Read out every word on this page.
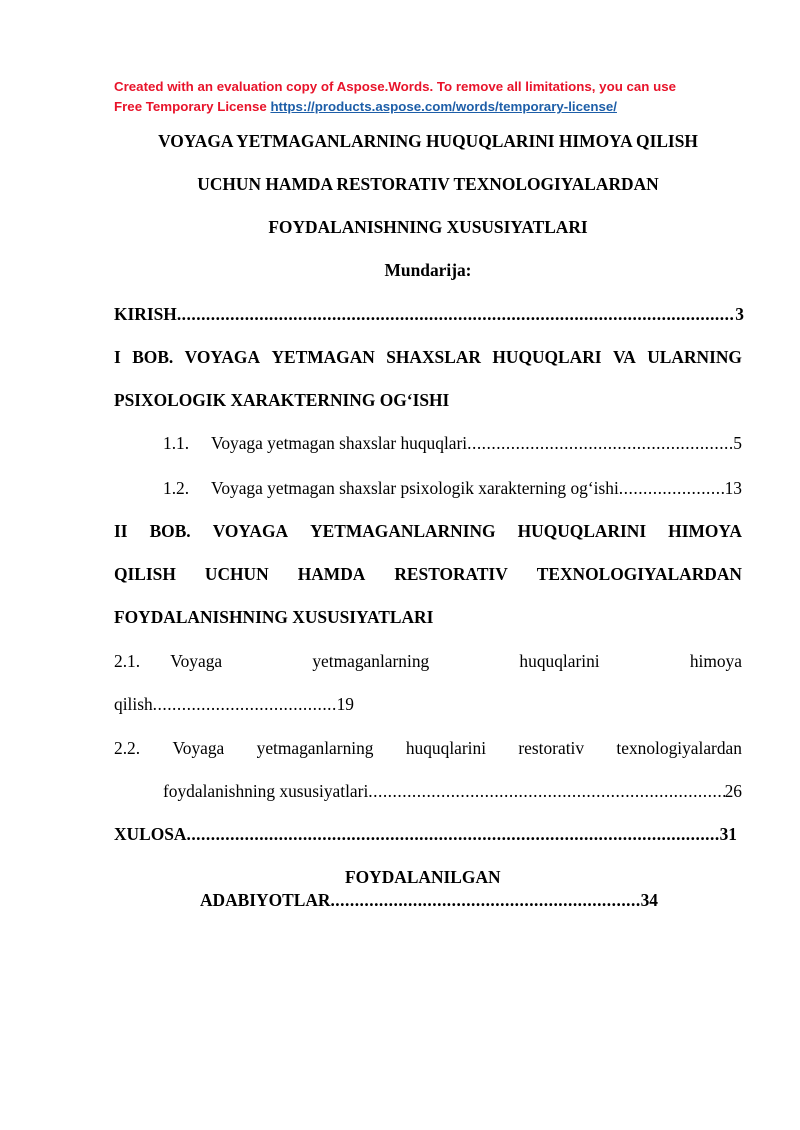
Created with an evaluation copy of Aspose.Words. To remove all limitations, you can use
Free Temporary License https://products.aspose.com/words/temporary-license/
VOYAGA YETMAGANLARNING HUQUQLARINI HIMOYA QILISH
UCHUN HAMDA RESTORATIV TEXNOLOGIYALARDAN
FOYDALANISHNING XUSUSIYATLARI
Mundarija:
KIRISH .....	3
I BOB. VOYAGA YETMAGAN SHAXSLAR HUQUQLARI VA ULARNING
PSIXOLOGIK XARAKTERNING OG‘ISHI
1.1.	Voyaga yetmagan shaxslar huquqlari .....	5
1.2.	Voyaga yetmagan shaxslar psixologik xarakterning og‘ishi .....	13
II BOB. VOYAGA YETMAGANLARNING HUQUQLARINI HIMOYA
QILISH UCHUN HAMDA RESTORATIV TEXNOLOGIYALARDAN
FOYDALANISHNING XUSUSIYATLARI
2.1. Voyaga	yetmaganlarning	huquqlarini	himoya
qilish .....	19
2.2. Voyaga yetmaganlarning huquqlarini restorativ texnologiyalardan
foydalanishning xususiyatlari .....	26
XULOSA .....	31
FOYDALANILGAN
ADABIYOTLAR .....	34
